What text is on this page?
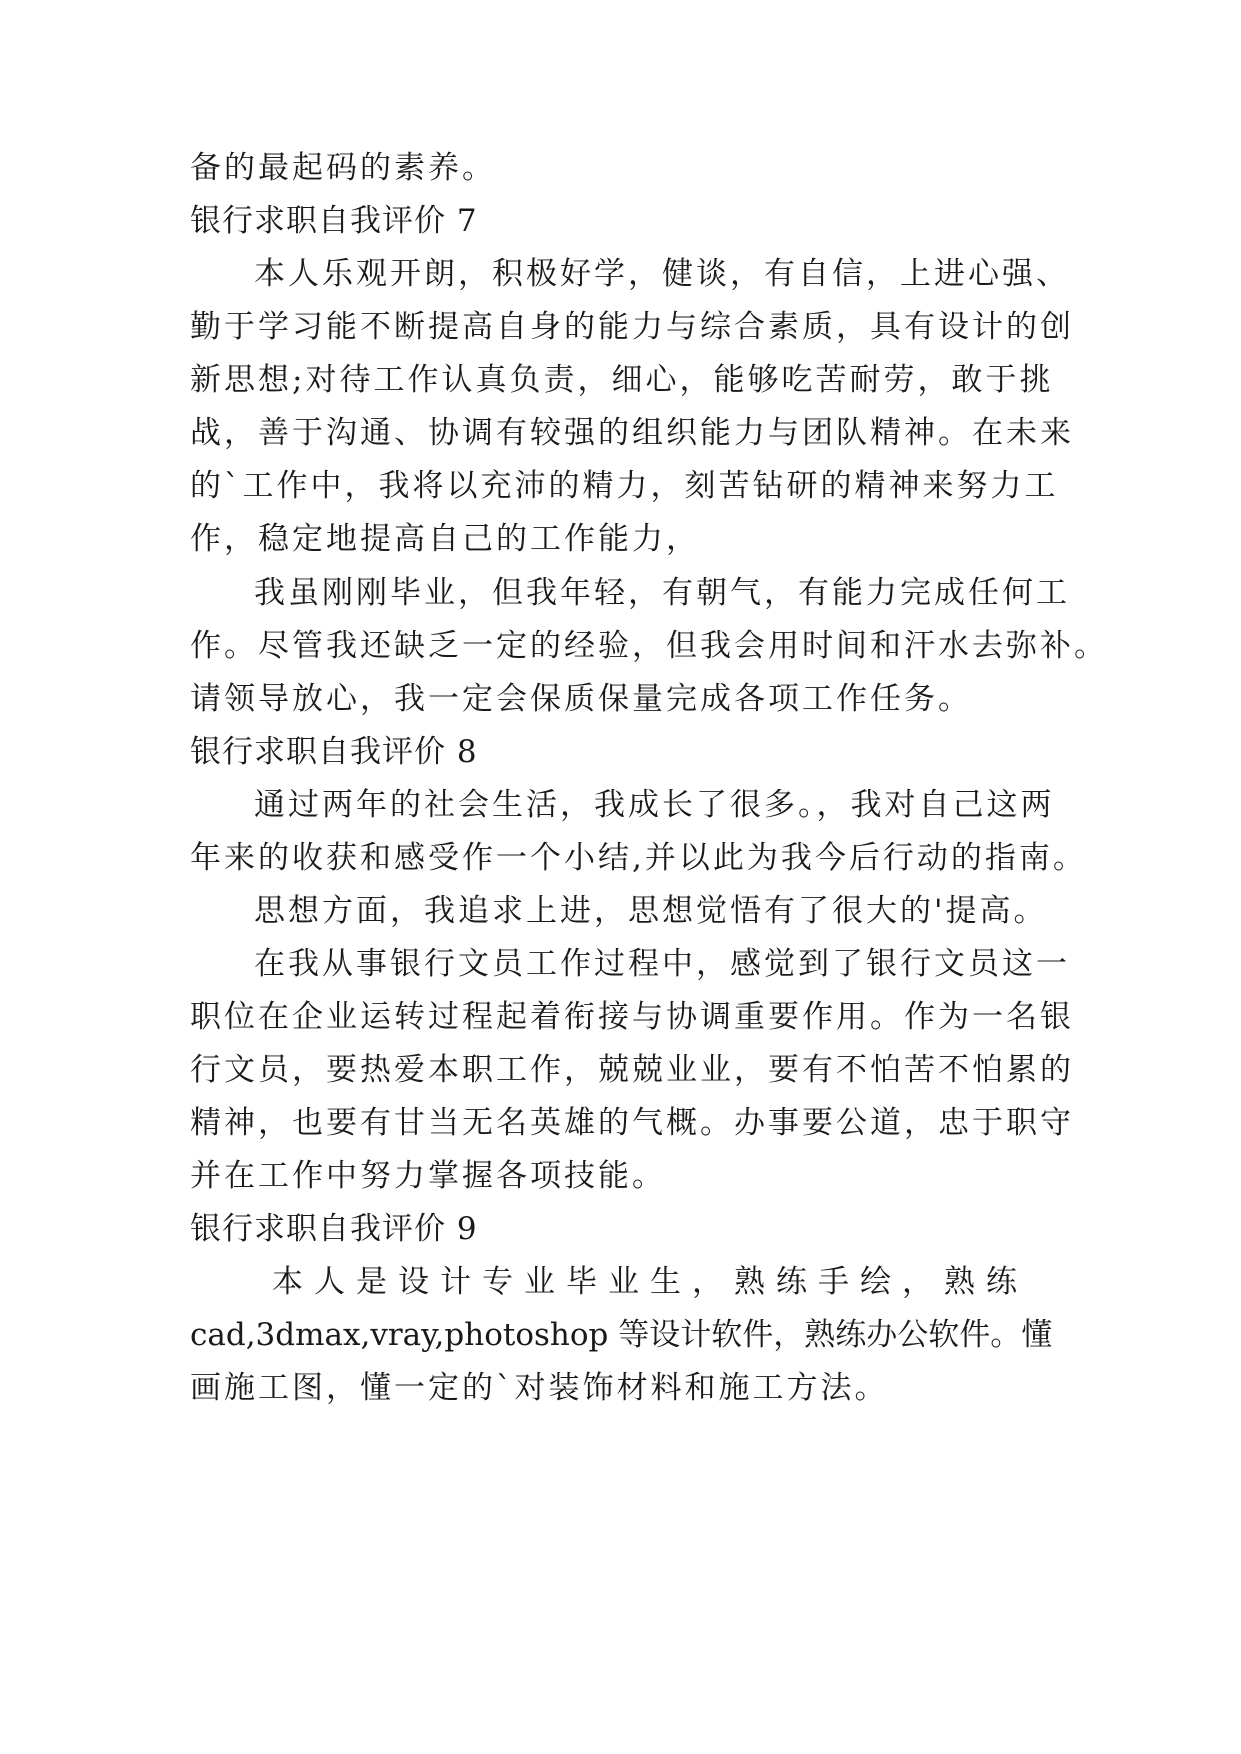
备的最起码的素养。
银行求职自我评价 7
本人乐观开朗，积极好学，健谈，有自信，上进心强、
勤于学习能不断提高自身的能力与综合素质，具有设计的创
新思想;对待工作认真负责，细心，能够吃苦耐劳，敢于挑
战，善于沟通、协调有较强的组织能力与团队精神。在未来
的`工作中，我将以充沛的精力，刻苦钻研的精神来努力工
作，稳定地提高自己的工作能力，
我虽刚刚毕业，但我年轻，有朝气，有能力完成任何工
作。尽管我还缺乏一定的经验，但我会用时间和汗水去弥补。
请领导放心，我一定会保质保量完成各项工作任务。
银行求职自我评价 8
通过两年的社会生活，我成长了很多。，我对自己这两
年来的收获和感受作一个小结,并以此为我今后行动的指南。
思想方面，我追求上进，思想觉悟有了很大的'提高。
在我从事银行文员工作过程中，感觉到了银行文员这一
职位在企业运转过程起着衔接与协调重要作用。作为一名银
行文员，要热爱本职工作，兢兢业业，要有不怕苦不怕累的
精神，也要有甘当无名英雄的气概。办事要公道，忠于职守
并在工作中努力掌握各项技能。
银行求职自我评价 9
本人是设计专业毕业生，熟练手绘，熟练
cad,3dmax,vray,photoshop 等设计软件，熟练办公软件。懂
画施工图，懂一定的`对装饰材料和施工方法。
